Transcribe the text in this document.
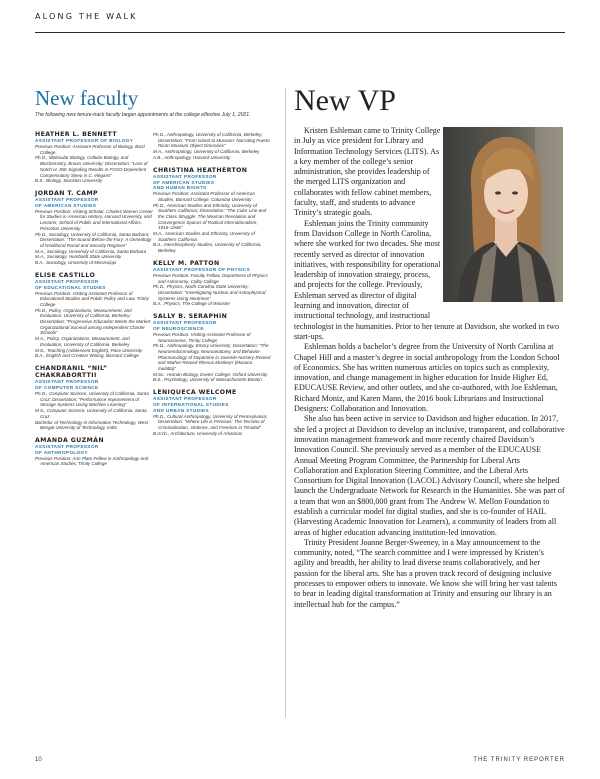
ALONG THE WALK
New faculty
The following new tenure-track faculty began appointments at the college effective July 1, 2021.
HEATHER L. BENNETT
ASSISTANT PROFESSOR OF BIOLOGY
Previous Position: Assistant Professor of Biology, Bard College
Ph.D., Molecular Biology, Cellular Biology, and Biochemistry, Brown University; Dissertation: “Loss of Notch or JNK Signaling Results in FOXO-Dependent Compensatory Sleep in C. elegans”
B.S., Biology, Stockton University
JORDAN T. CAMP
ASSISTANT PROFESSOR
OF AMERICAN STUDIES
Previous Position: Visiting Scholar, Charles Warren Center for Studies in American History, Harvard University, and Lecturer, School of Public and International Affairs, Princeton University
Ph.D., Sociology, University of California, Santa Barbara; Dissertation: “The Sound Before the Fury: A Genealogy of Neoliberal Racial and Security Regimes”
M.A., Sociology, University of California, Santa Barbara
M.A., Sociology, Humboldt State University
B.A., Sociology, University of Mississippi
ELISE CASTILLO
ASSISTANT PROFESSOR
OF EDUCATIONAL STUDIES
Previous Position: Visiting Assistant Professor of Educational Studies and Public Policy and Law, Trinity College
Ph.D., Policy, Organizations, Measurement, and Evaluation, University of California, Berkeley; Dissertation: “Progressive Education Meets the Market: Organizational Survival among Independent Charter Schools”
M.A., Policy, Organizations, Measurement, and Evaluation, University of California, Berkeley
M.S., Teaching (Adolescent English), Pace University
B.A., English and Creative Writing, Barnard College
CHANDRANIL “NIL” CHAKRABORTTII
ASSISTANT PROFESSOR
OF COMPUTER SCIENCE
Ph.D., Computer Science, University of California, Santa Cruz; Dissertation: “Performance Improvement of Storage Systems Using Machine Learning”
M.S., Computer Science, University of California, Santa Cruz
Bachelor of Technology in Information Technology, West Bengal University of Technology, India
AMANDA GUZMÁN
ASSISTANT PROFESSOR
OF ANTHROPOLOGY
Previous Position: Ann Plato Fellow in Anthropology and American Studies, Trinity College
Ph.D., Anthropology, University of California, Berkeley; Dissertation: “From Island to Museum: Narrating Puerto Rican Museum Object Itineraries”
M.A., Anthropology, University of California, Berkeley
A.B., Anthropology, Harvard University
CHRISTINA HEATHERTON
ASSISTANT PROFESSOR
OF AMERICAN STUDIES
AND HUMAN RIGHTS
Previous Position: Assistant Professor of American Studies, Barnard College, Columbia University
Ph.D., American Studies and Ethnicity, University of Southern California; Dissertation: “The Color Line and the Class Struggle: The Mexican Revolution and Convergence Spaces of Radical Internationalism, 1916–1946”
M.A., American Studies and Ethnicity, University of Southern California
B.A., Interdisciplinary Studies, University of California, Berkeley
KELLY M. PATTON
ASSISTANT PROFESSOR OF PHYSICS
Previous Position: Faculty Fellow, Department of Physics and Astronomy, Colby College
Ph.D., Physics, North Carolina State University; Dissertation: “Investigating Nuclear and Astrophysical Systems Using Neutrinos”
B.A., Physics, The College of Wooster
SALLY B. SERAPHIN
ASSISTANT PROFESSOR
OF NEUROSCIENCE
Previous Position: Visiting Assistant Professor of Neuroscience, Trinity College
Ph.D., Anthropology, Emory University; Dissertation: “The Neuroendocrinology, Neuroanatomy, and Behavior-Pharmacology of Dopamine in Juvenile Nursery-Reared and Mother-Reared Rhesus Monkeys (Macaca mulatta)”
M.Sc., Human Biology, Exeter College, Oxford University
B.S., Psychology, University of Massachusetts-Boston
LENIQUECA WELCOME
ASSISTANT PROFESSOR
OF INTERNATIONAL STUDIES
AND URBAN STUDIES
Ph.D., Cultural Anthropology, University of Pennsylvania; Dissertation: “Where Life is Precious: The Terrains of Criminalization, Violence, and Freedom in Trinidad”
B.Arch., Architecture, University of Arkansas
New VP

Kristen Eshleman came to Trinity College in July as vice president for Library and Information Technology Services (LITS). As a key member of the college’s senior administration, she provides leadership of the merged LITS organization and collaborates with fellow cabinet members, faculty, staff, and students to advance Trinity’s strategic goals.

Eshleman joins the Trinity community from Davidson College in North Carolina, where she worked for two decades. She most recently served as director of innovation initiatives, with responsibility for operational leadership of innovation strategy, process, and projects for the college. Previously, Eshleman served as director of digital learning and innovation, director of instructional technology, and instructional technologist in the humanities. Prior to her tenure at Davidson, she worked in two start-ups.

Eshleman holds a bachelor’s degree from the University of North Carolina at Chapel Hill and a master’s degree in social anthropology from the London School of Economics. She has written numerous articles on topics such as complexity, innovation, and change management in higher education for Inside Higher Ed, EDUCAUSE Review, and other outlets, and she co-authored, with Joe Eshleman, Richard Moniz, and Karen Mann, the 2016 book Librarians and Instructional Designers: Collaboration and Innovation.

She also has been active in service to Davidson and higher education. In 2017, she led a project at Davidson to develop an inclusive, transparent, and collaborative innovation management framework and more recently chaired Davidson’s Innovation Council. She previously served as a member of the EDUCAUSE Annual Meeting Program Committee, the Partnership for Liberal Arts Collaboration and Exploration Steering Committee, and the Liberal Arts Consortium for Digital Innovation (LACOL) Advisory Council, where she helped launch the Undergraduate Network for Research in the Humanities. She was part of a team that won an $800,000 grant from The Andrew W. Mellon Foundation to establish a curricular model for digital studies, and she is co-founder of HAIL (Harvesting Academic Innovation for Learners), a community of leaders from all areas of higher education advancing institution-led innovation.

Trinity President Joanne Berger-Sweeney, in a May announcement to the community, noted, “The search committee and I were impressed by Kristen’s agility and breadth, her ability to lead diverse teams collaboratively, and her passion for the liberal arts. She has a proven track record of designing inclusive processes to empower others to innovate. We know she will bring her vast talents to bear in leading digital transformation at Trinity and ensuring our library is an intellectual hub for the campus.”

10	THE TRINITY REPORTER
